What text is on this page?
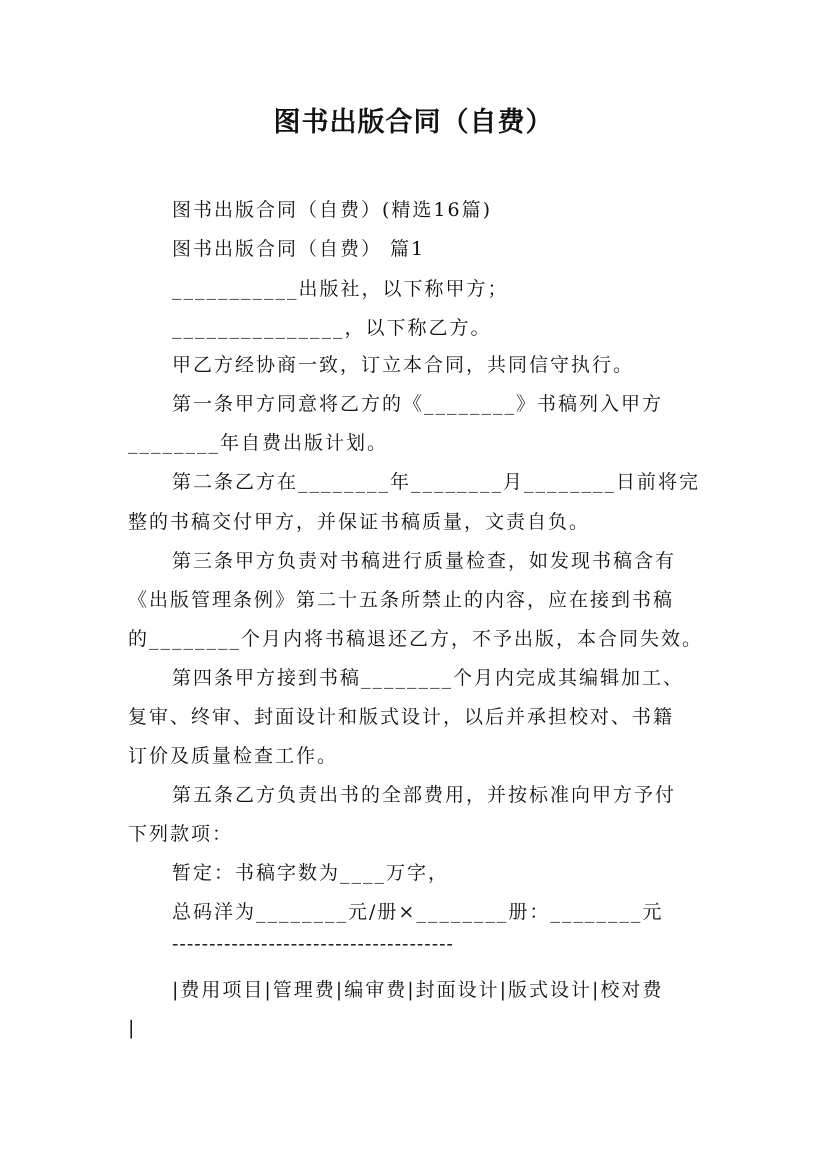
图书出版合同（自费）
图书出版合同（自费）(精选16篇)
图书出版合同（自费） 篇1
___________出版社，以下称甲方；
_______________，以下称乙方。
甲乙方经协商一致，订立本合同，共同信守执行。
第一条甲方同意将乙方的《________》书稿列入甲方
________年自费出版计划。
第二条乙方在________年________月________日前将完
整的书稿交付甲方，并保证书稿质量，文责自负。
第三条甲方负责对书稿进行质量检查，如发现书稿含有
《出版管理条例》第二十五条所禁止的内容，应在接到书稿
的________个月内将书稿退还乙方，不予出版，本合同失效。
第四条甲方接到书稿________个月内完成其编辑加工、
复审、终审、封面设计和版式设计，以后并承担校对、书籍
订价及质量检查工作。
第五条乙方负责出书的全部费用，并按标准向甲方予付
下列款项：
暂定：书稿字数为____万字，
总码洋为________元/册×________册：________元
--------------------------------------
|费用项目|管理费|编审费|封面设计|版式设计|校对费
|
